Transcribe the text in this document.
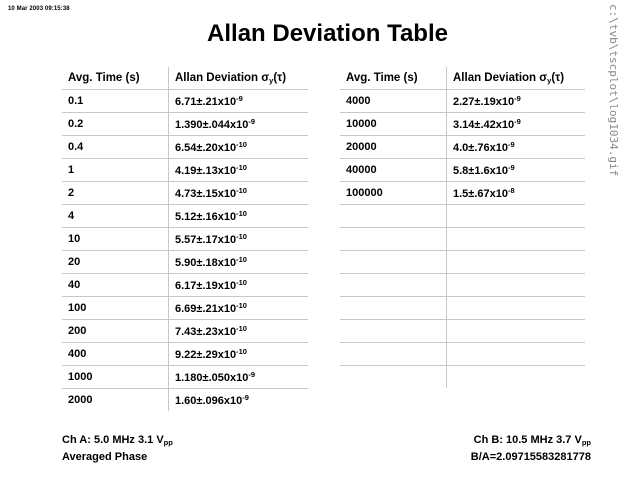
10 Mar 2003 09:15:38	c:\tvb\tscplot\log1034.gif
Allan Deviation Table
Avg. Time (s)	Allan Deviation $\sigma_y(\tau)$
0.1	$6.71\pm.21x10^{-9}$
0.2	$1.390\pm.044x10^{-9}$
0.4	$6.54\pm.20x10^{-10}$
1	$4.19\pm.13x10^{-10}$
2	$4.73\pm.15x10^{-10}$
4	$5.12\pm.16x10^{-10}$
10	$5.57\pm.17x10^{-10}$
20	$5.90\pm.18x10^{-10}$
40	$6.17\pm.19x10^{-10}$
100	$6.69\pm.21x10^{-10}$
200	$7.43\pm.23x10^{-10}$
400	$9.22\pm.29x10^{-10}$
1000	$1.180\pm.050x10^{-9}$
2000	$1.60\pm.096x10^{-9}$
Avg. Time (s)	Allan Deviation $\sigma_y(\tau)$
4000	$2.27\pm.19x10^{-9}$
10000	$3.14\pm.42x10^{-9}$
20000	$4.0\pm.76x10^{-9}$
40000	$5.8\pm 1.6x10^{-9}$
100000	$1.5\pm.67x10^{-8}$

Ch A: 5.0 MHz 3.1 $V_{pp}$
Averaged Phase
Ch B: 10.5 MHz 3.7 $V_{pp}$
B/A=2.09715583281778
